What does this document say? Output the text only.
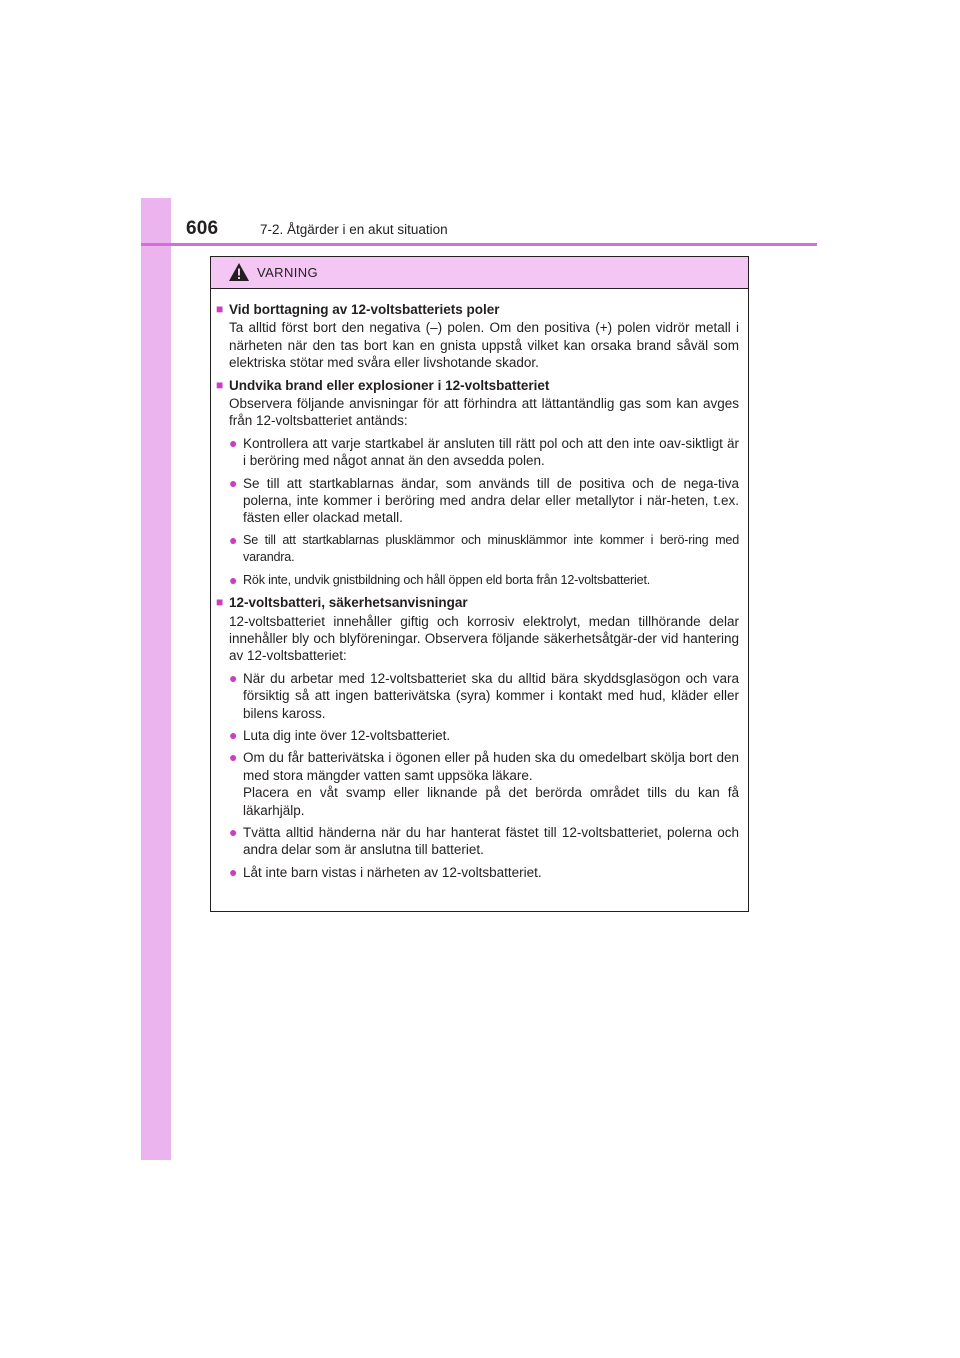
606	7-2. Åtgärder i en akut situation
VARNING
■ Vid borttagning av 12-voltsbatteriets poler
Ta alltid först bort den negativa (–) polen. Om den positiva (+) polen vidrör metall i närheten när den tas bort kan en gnista uppstå vilket kan orsaka brand såväl som elektriska stötar med svåra eller livshotande skador.
■ Undvika brand eller explosioner i 12-voltsbatteriet
Observera följande anvisningar för att förhindra att lättantändlig gas som kan avges från 12-voltsbatteriet antänds:
● Kontrollera att varje startkabel är ansluten till rätt pol och att den inte oav-siktligt är i beröring med något annat än den avsedda polen.
● Se till att startkablarnas ändar, som används till de positiva och de nega-tiva polerna, inte kommer i beröring med andra delar eller metallytor i när-heten, t.ex. fästen eller olackad metall.
● Se till att startkablarnas plusklämmor och minusklämmor inte kommer i berö-ring med varandra.
● Rök inte, undvik gnistbildning och håll öppen eld borta från 12-voltsbatteriet.
■ 12-voltsbatteri, säkerhetsanvisningar
12-voltsbatteriet innehåller giftig och korrosiv elektrolyt, medan tillhörande delar innehåller bly och blyföreningar. Observera följande säkerhetsåtgär-der vid hantering av 12-voltsbatteriet:
● När du arbetar med 12-voltsbatteriet ska du alltid bära skyddsglasögon och vara försiktig så att ingen batterivätska (syra) kommer i kontakt med hud, kläder eller bilens kaross.
● Luta dig inte över 12-voltsbatteriet.
● Om du får batterivätska i ögonen eller på huden ska du omedelbart skölja bort den med stora mängder vatten samt uppsöka läkare.
Placera en våt svamp eller liknande på det berörda området tills du kan få läkarhjälp.
● Tvätta alltid händerna när du har hanterat fästet till 12-voltsbatteriet, polerna och andra delar som är anslutna till batteriet.
● Låt inte barn vistas i närheten av 12-voltsbatteriet.
